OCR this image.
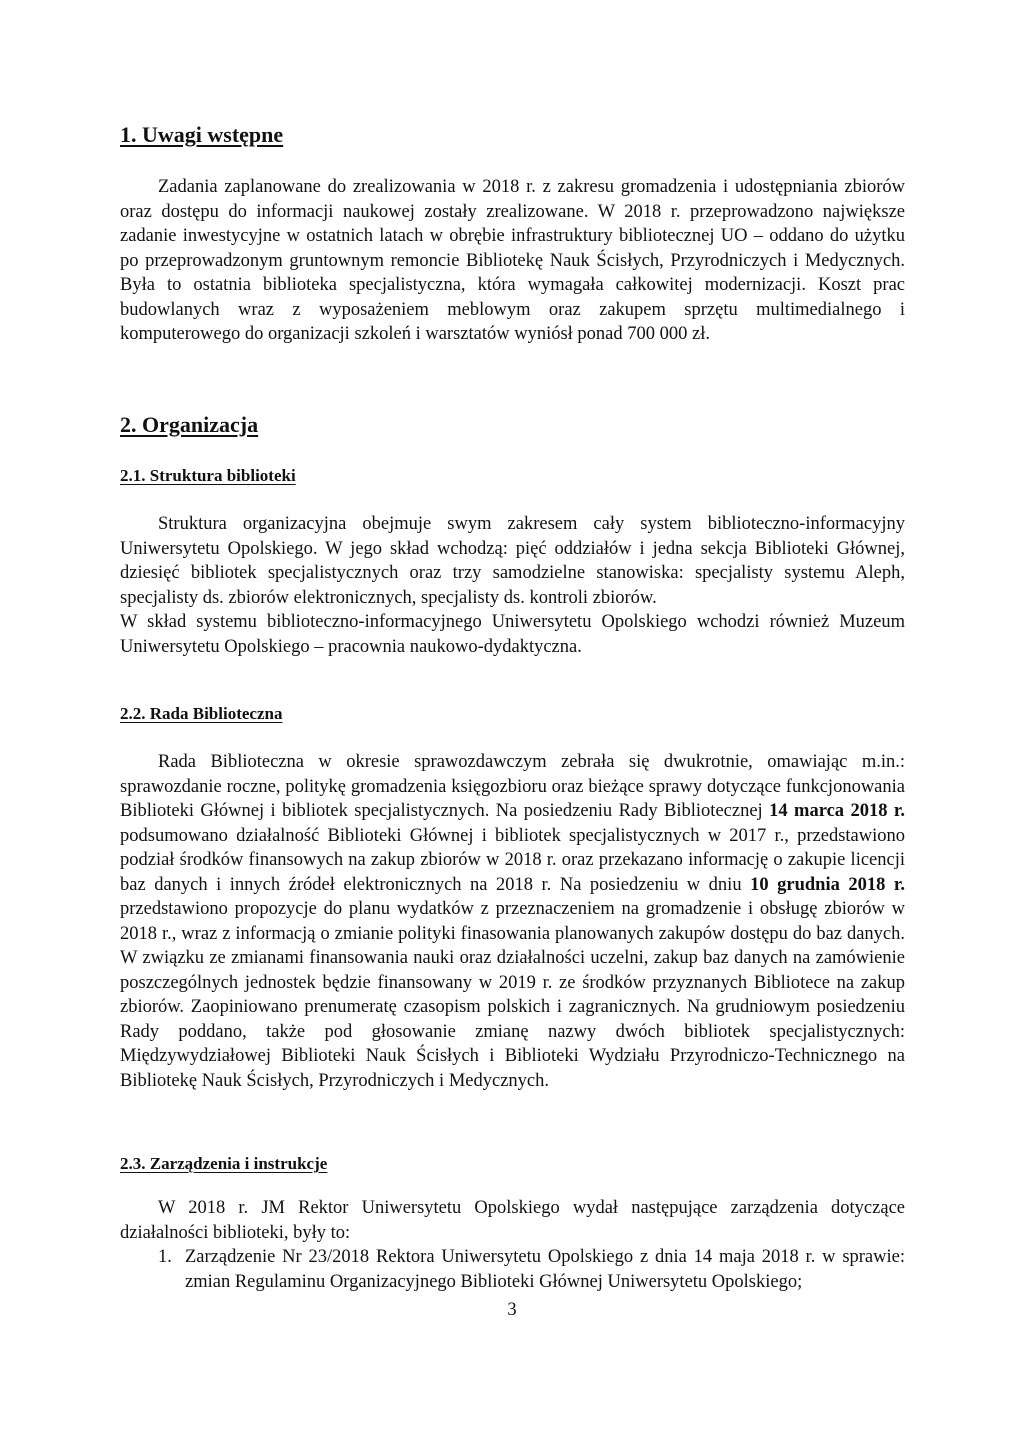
1. Uwagi wstępne

Zadania zaplanowane do zrealizowania w 2018 r. z zakresu gromadzenia i udostępniania zbiorów oraz dostępu do informacji naukowej zostały zrealizowane. W 2018 r. przeprowadzono największe zadanie inwestycyjne w ostatnich latach w obrębie infrastruktury bibliotecznej UO – oddano do użytku po przeprowadzonym gruntownym remoncie Bibliotekę Nauk Ścisłych, Przyrodniczych i Medycznych. Była to ostatnia biblioteka specjalistyczna, która wymagała całkowitej modernizacji. Koszt prac budowlanych wraz z wyposażeniem meblowym oraz zakupem sprzętu multimedialnego i komputerowego do organizacji szkoleń i warsztatów wyniósł ponad 700 000 zł.

2. Organizacja
2.1. Struktura biblioteki

Struktura organizacyjna obejmuje swym zakresem cały system biblioteczno-informacyjny Uniwersytetu Opolskiego. W jego skład wchodzą: pięć oddziałów i jedna sekcja Biblioteki Głównej, dziesięć bibliotek specjalistycznych oraz trzy samodzielne stanowiska: specjalisty systemu Aleph, specjalisty ds. zbiorów elektronicznych, specjalisty ds. kontroli zbiorów.

W skład systemu biblioteczno-informacyjnego Uniwersytetu Opolskiego wchodzi również Muzeum Uniwersytetu Opolskiego – pracownia naukowo-dydaktyczna.

2.2. Rada Biblioteczna

Rada Biblioteczna w okresie sprawozdawczym zebrała się dwukrotnie, omawiając m.in.: sprawozdanie roczne, politykę gromadzenia księgozbioru oraz bieżące sprawy dotyczące funkcjonowania Biblioteki Głównej i bibliotek specjalistycznych. Na posiedzeniu Rady Bibliotecznej 14 marca 2018 r. podsumowano działalność Biblioteki Głównej i bibliotek specjalistycznych w 2017 r., przedstawiono podział środków finansowych na zakup zbiorów w 2018 r. oraz przekazano informację o zakupie licencji baz danych i innych źródeł elektronicznych na 2018 r. Na posiedzeniu w dniu 10 grudnia 2018 r. przedstawiono propozycje do planu wydatków z przeznaczeniem na gromadzenie i obsługę zbiorów w 2018 r., wraz z informacją o zmianie polityki finasowania planowanych zakupów dostępu do baz danych. W związku ze zmianami finansowania nauki oraz działalności uczelni, zakup baz danych na zamówienie poszczególnych jednostek będzie finansowany w 2019 r. ze środków przyznanych Bibliotece na zakup zbiorów. Zaopiniowano prenumeratę czasopism polskich i zagranicznych. Na grudniowym posiedzeniu Rady poddano, także pod głosowanie zmianę nazwy dwóch bibliotek specjalistycznych: Międzywydziałowej Biblioteki Nauk Ścisłych i Biblioteki Wydziału Przyrodniczo-Technicznego na Bibliotekę Nauk Ścisłych, Przyrodniczych i Medycznych.

2.3. Zarządzenia i instrukcje

W 2018 r. JM Rektor Uniwersytetu Opolskiego wydał następujące zarządzenia dotyczące działalności biblioteki, były to:

1. Zarządzenie Nr 23/2018 Rektora Uniwersytetu Opolskiego z dnia 14 maja 2018 r. w sprawie: zmian Regulaminu Organizacyjnego Biblioteki Głównej Uniwersytetu Opolskiego;
3
